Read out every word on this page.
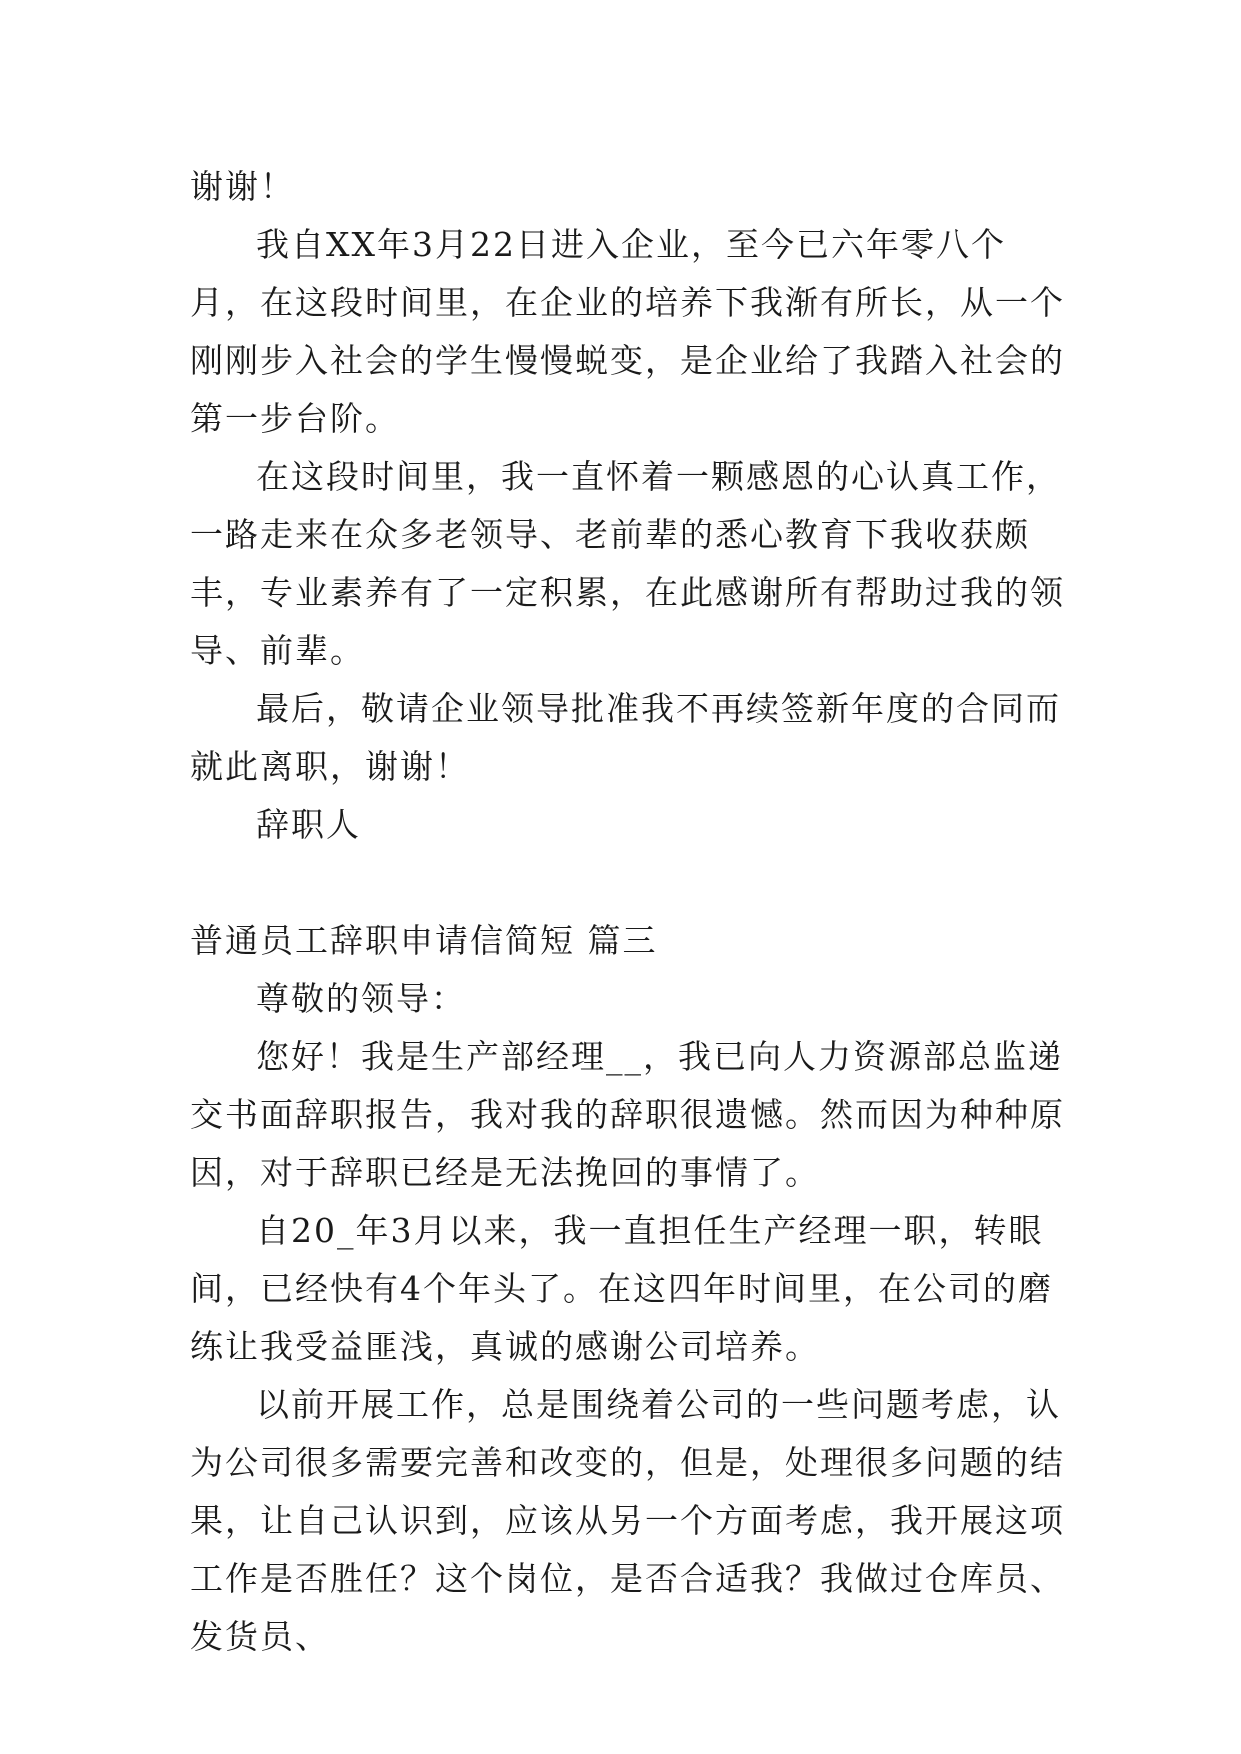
谢谢！

我自XX年3月22日进入企业，至今已六年零八个月，在这段时间里，在企业的培养下我渐有所长，从一个刚刚步入社会的学生慢慢蜕变，是企业给了我踏入社会的第一步台阶。

在这段时间里，我一直怀着一颗感恩的心认真工作，一路走来在众多老领导、老前辈的悉心教育下我收获颇丰，专业素养有了一定积累，在此感谢所有帮助过我的领导、前辈。

最后，敬请企业领导批准我不再续签新年度的合同而就此离职，谢谢！

辞职人

普通员工辞职申请信简短 篇三

尊敬的领导：

您好！我是生产部经理__，我已向人力资源部总监递交书面辞职报告，我对我的辞职很遗憾。然而因为种种原因，对于辞职已经是无法挽回的事情了。

自20_年3月以来，我一直担任生产经理一职，转眼间，已经快有4个年头了。在这四年时间里，在公司的磨练让我受益匪浅，真诚的感谢公司培养。

以前开展工作，总是围绕着公司的一些问题考虑，认为公司很多需要完善和改变的，但是，处理很多问题的结果，让自己认识到，应该从另一个方面考虑，我开展这项工作是否胜任？这个岗位，是否合适我？我做过仓库员、发货员、
